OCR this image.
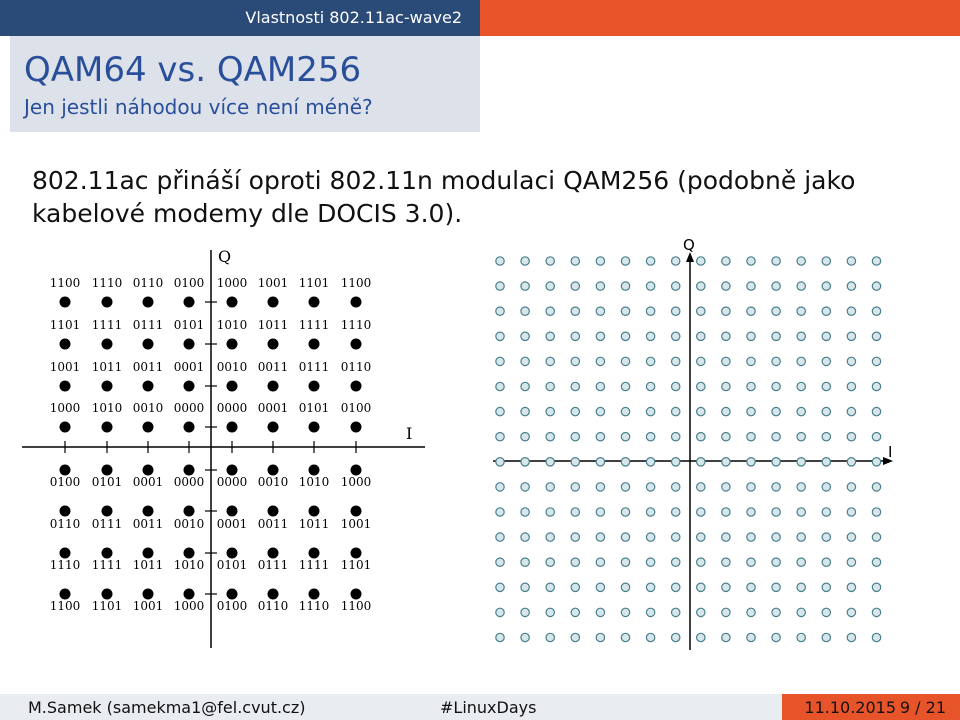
Vlastnosti 802.11ac-wave2
QAM64 vs. QAM256
Jen jestli náhodou více není méně?
802.11ac přináší oproti 802.11n modulaci QAM256 (podobně jako kabelové modemy dle DOCIS 3.0).
Q
I
1100 1110 0110 0100 1000 1001 1101 1100
1101 1111 0111 0101 1010 1011 1111 1110
1001 1011 0011 0001 0010 0011 0111 0110
1000 1010 0010 0000 0000 0001 0101 0100
0100 0101 0001 0000 0000 0010 1010 1000
0110 0111 0011 0010 0001 0011 1011 1001
1110 1111 1011 1010 0101 0111 1111 1101
1100 1101 1001 1000 0100 0110 1110 1100
Q
I
M.Samek (samekma1@fel.cvut.cz)	#LinuxDays	11.10.2015 9 / 21
